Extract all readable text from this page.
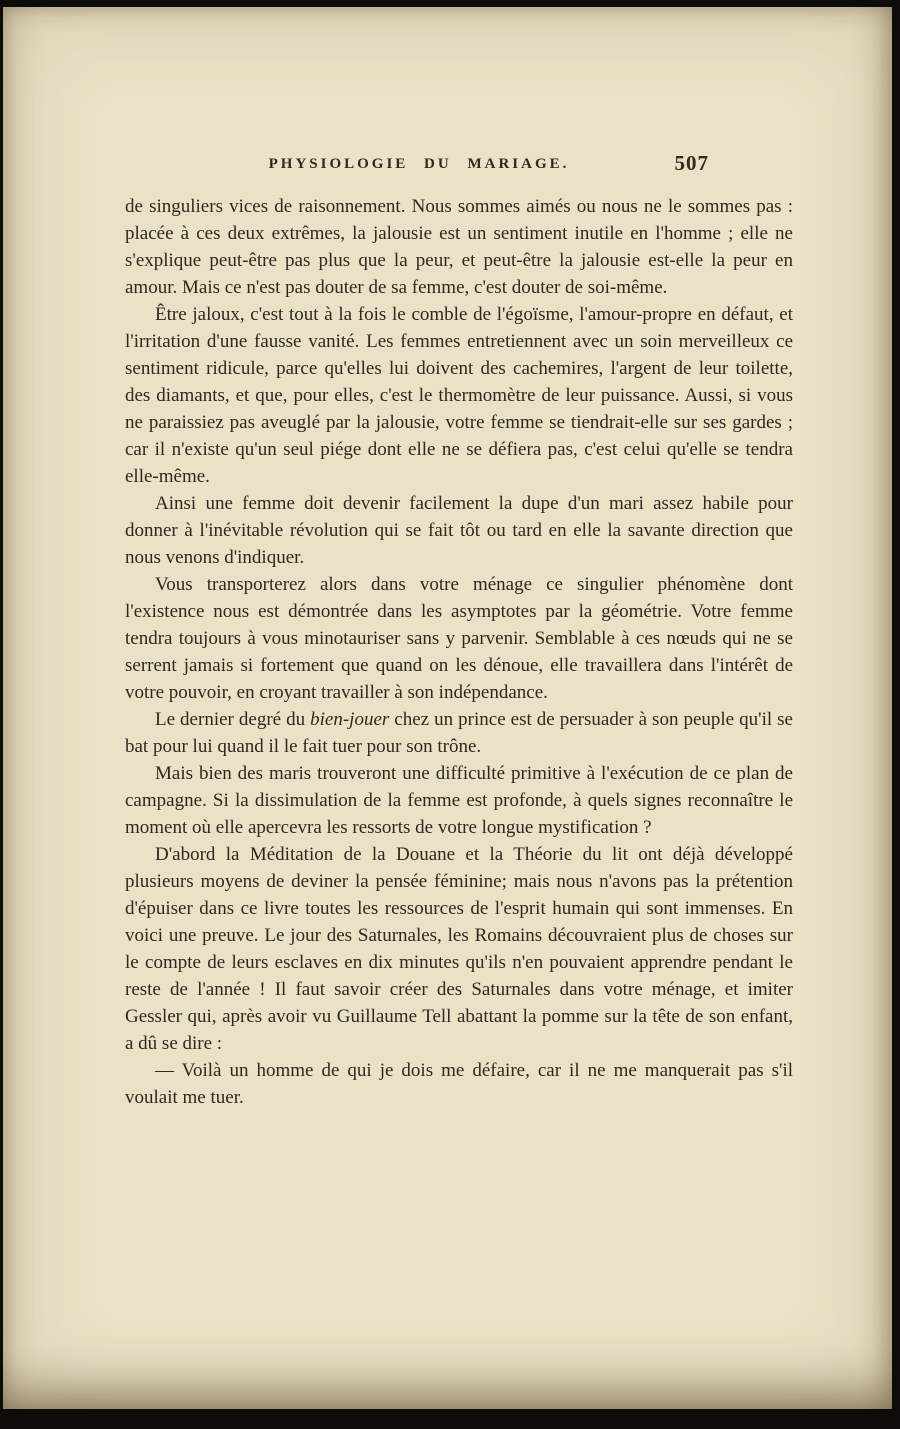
PHYSIOLOGIE DU MARIAGE.	507

de singuliers vices de raisonnement. Nous sommes aimés ou nous ne le sommes pas : placée à ces deux extrêmes, la jalousie est un sentiment inutile en l'homme ; elle ne s'explique peut-être pas plus que la peur, et peut-être la jalousie est-elle la peur en amour. Mais ce n'est pas douter de sa femme, c'est douter de soi-même.

Être jaloux, c'est tout à la fois le comble de l'égoïsme, l'amour-propre en défaut, et l'irritation d'une fausse vanité. Les femmes entretiennent avec un soin merveilleux ce sentiment ridicule, parce qu'elles lui doivent des cachemires, l'argent de leur toilette, des diamants, et que, pour elles, c'est le thermomètre de leur puissance. Aussi, si vous ne paraissiez pas aveuglé par la jalousie, votre femme se tiendrait-elle sur ses gardes ; car il n'existe qu'un seul piége dont elle ne se défiera pas, c'est celui qu'elle se tendra elle-même.

Ainsi une femme doit devenir facilement la dupe d'un mari assez habile pour donner à l'inévitable révolution qui se fait tôt ou tard en elle la savante direction que nous venons d'indiquer.

Vous transporterez alors dans votre ménage ce singulier phénomène dont l'existence nous est démontrée dans les asymptotes par la géométrie. Votre femme tendra toujours à vous minotauriser sans y parvenir. Semblable à ces nœuds qui ne se serrent jamais si fortement que quand on les dénoue, elle travaillera dans l'intérêt de votre pouvoir, en croyant travailler à son indépendance.

Le dernier degré du bien-jouer chez un prince est de persuader à son peuple qu'il se bat pour lui quand il le fait tuer pour son trône.

Mais bien des maris trouveront une difficulté primitive à l'exécution de ce plan de campagne. Si la dissimulation de la femme est profonde, à quels signes reconnaître le moment où elle apercevra les ressorts de votre longue mystification ?

D'abord la Méditation de la Douane et la Théorie du lit ont déjà développé plusieurs moyens de deviner la pensée féminine; mais nous n'avons pas la prétention d'épuiser dans ce livre toutes les ressources de l'esprit humain qui sont immenses. En voici une preuve. Le jour des Saturnales, les Romains découvraient plus de choses sur le compte de leurs esclaves en dix minutes qu'ils n'en pouvaient apprendre pendant le reste de l'année ! Il faut savoir créer des Saturnales dans votre ménage, et imiter Gessler qui, après avoir vu Guillaume Tell abattant la pomme sur la tête de son enfant, a dû se dire :

— Voilà un homme de qui je dois me défaire, car il ne me manquerait pas s'il voulait me tuer.
